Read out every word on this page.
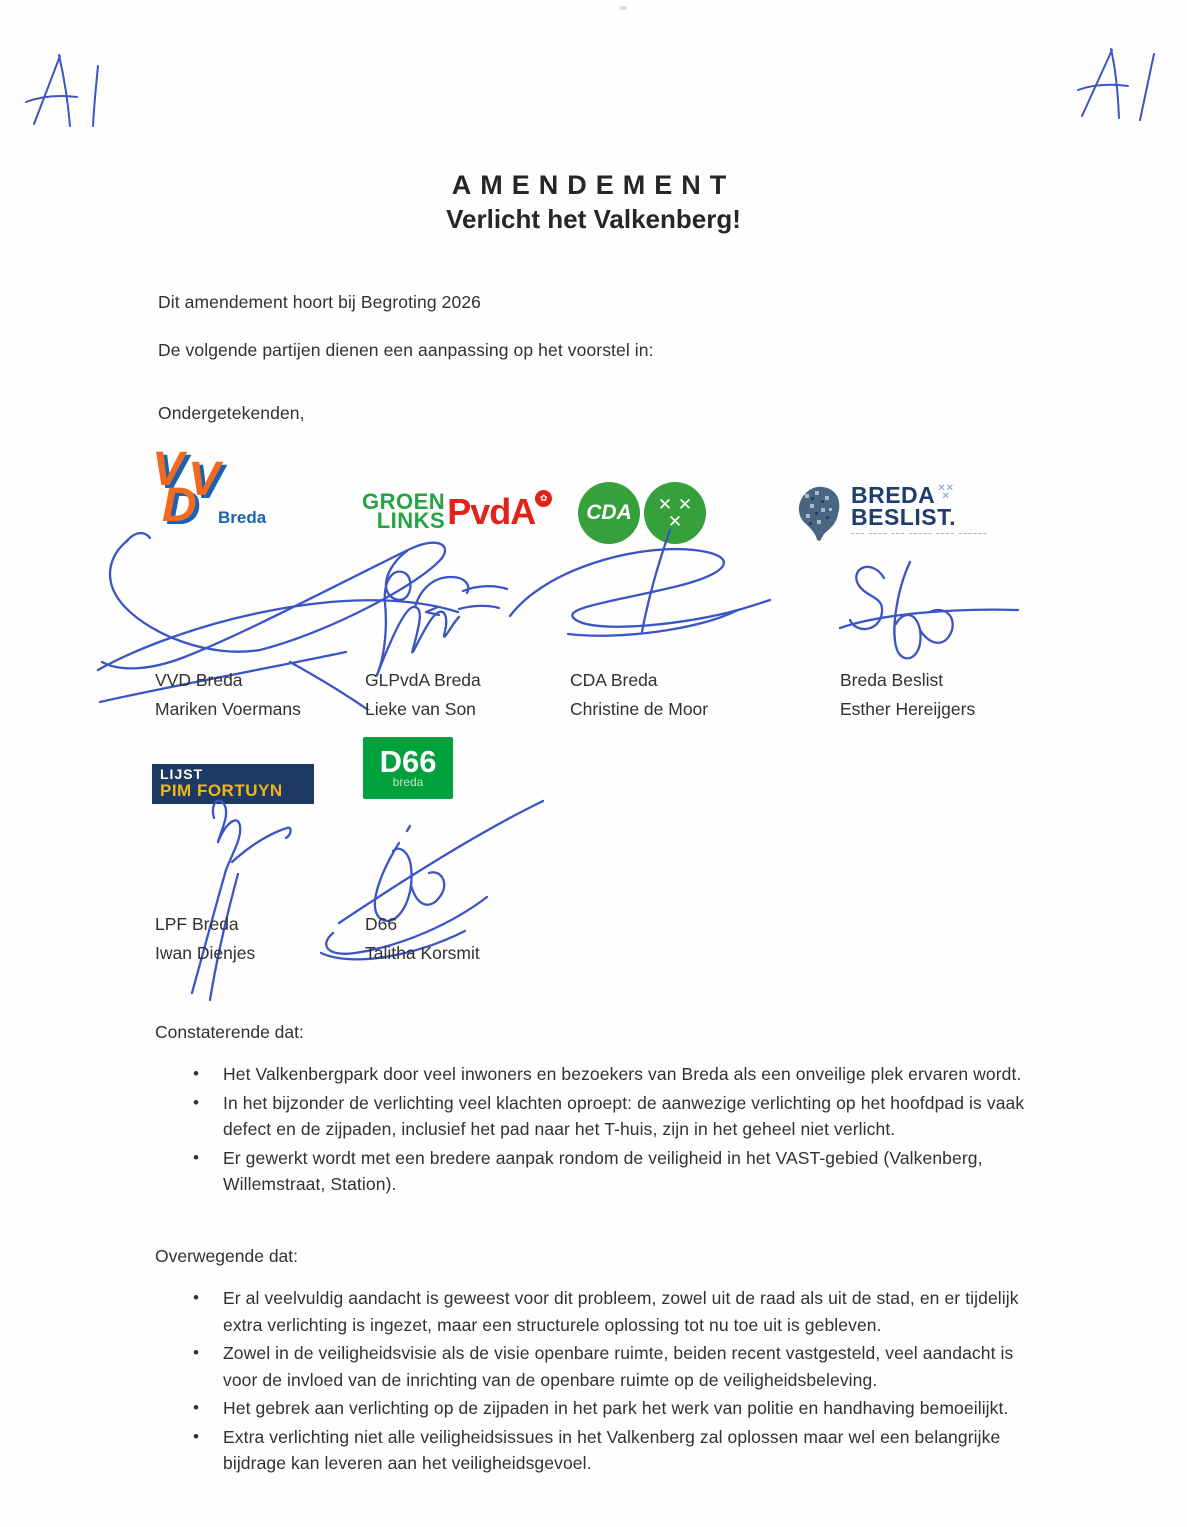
AMENDEMENT
Verlicht het Valkenberg!
Dit amendement hoort bij Begroting 2026
De volgende partijen dienen een aanpassing op het voorstel in:
Ondergetekenden,
V V
D Breda
GROEN
LINKS PvdA ✿
CDA ✕ ✕
✕
BREDA ✕✕
✕
BESLIST.
––– –––– ––– ––––– –––– ––––––
VVD Breda
Mariken Voermans
GLPvdA Breda
Lieke van Son
CDA Breda
Christine de Moor
Breda Beslist
Esther Hereijgers
LIJST
PIM FORTUYN
D66
breda
LPF Breda
Iwan Dienjes
D66
Talitha Korsmit
Constaterende dat:
• Het Valkenbergpark door veel inwoners en bezoekers van Breda als een onveilige plek ervaren wordt.
• In het bijzonder de verlichting veel klachten oproept: de aanwezige verlichting op het hoofdpad is vaak defect en de zijpaden, inclusief het pad naar het T-huis, zijn in het geheel niet verlicht.
• Er gewerkt wordt met een bredere aanpak rondom de veiligheid in het VAST-gebied (Valkenberg, Willemstraat, Station).
Overwegende dat:
• Er al veelvuldig aandacht is geweest voor dit probleem, zowel uit de raad als uit de stad, en er tijdelijk extra verlichting is ingezet, maar een structurele oplossing tot nu toe uit is gebleven.
• Zowel in de veiligheidsvisie als de visie openbare ruimte, beiden recent vastgesteld, veel aandacht is voor de invloed van de inrichting van de openbare ruimte op de veiligheidsbeleving.
• Het gebrek aan verlichting op de zijpaden in het park het werk van politie en handhaving bemoeilijkt.
• Extra verlichting niet alle veiligheidsissues in het Valkenberg zal oplossen maar wel een belangrijke bijdrage kan leveren aan het veiligheidsgevoel.
